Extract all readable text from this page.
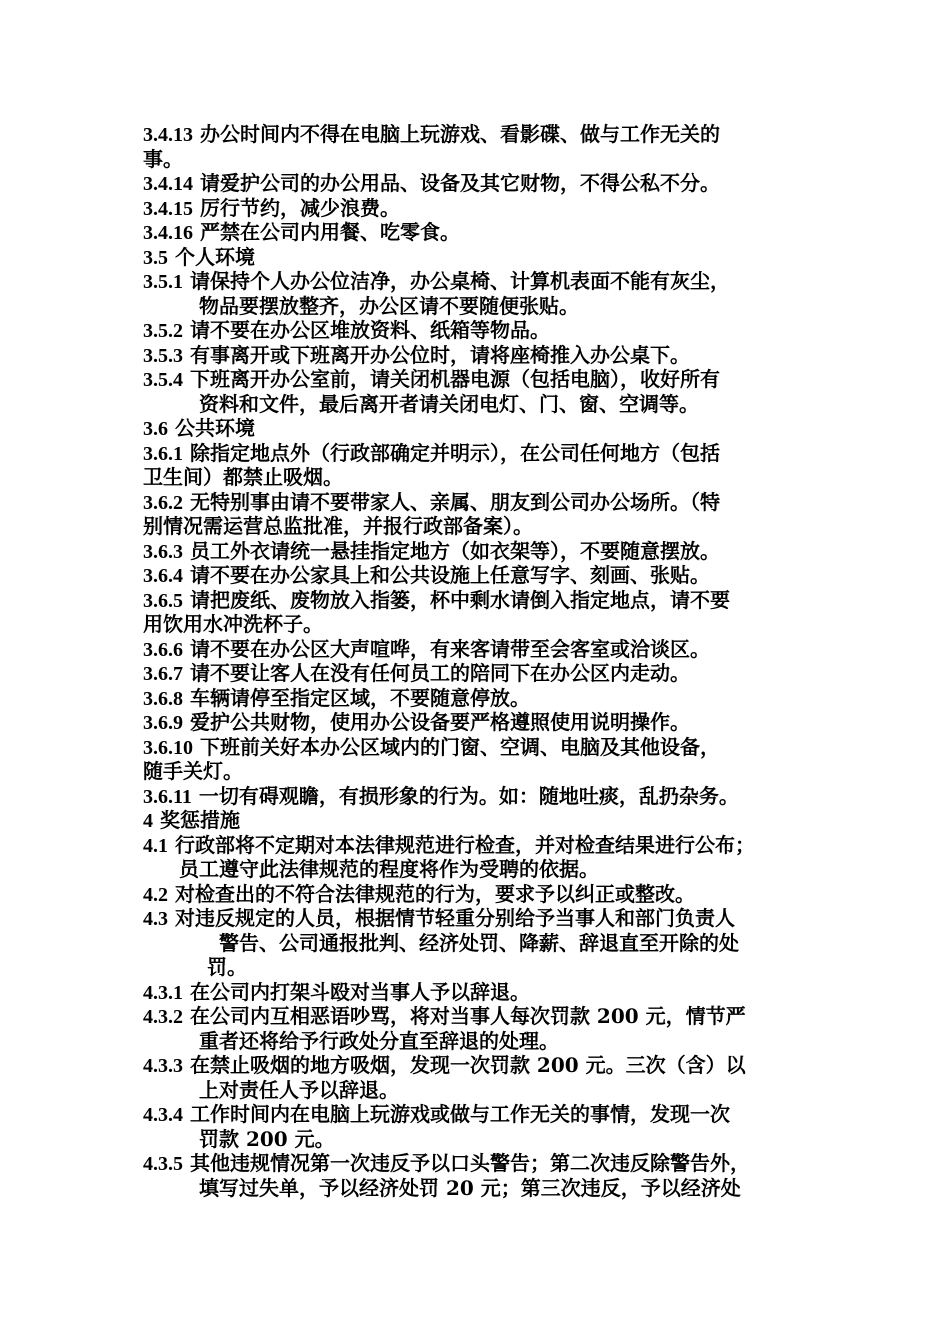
3.4.13 办公时间内不得在电脑上玩游戏、看影碟、做与工作无关的
事。
3.4.14 请爱护公司的办公用品、设备及其它财物，不得公私不分。
3.4.15 厉行节约，减少浪费。
3.4.16 严禁在公司内用餐、吃零食。
3.5 个人环境
3.5.1 请保持个人办公位洁净，办公桌椅、计算机表面不能有灰尘，
物品要摆放整齐，办公区请不要随便张贴。
3.5.2 请不要在办公区堆放资料、纸箱等物品。
3.5.3 有事离开或下班离开办公位时，请将座椅推入办公桌下。
3.5.4 下班离开办公室前，请关闭机器电源（包括电脑），收好所有
资料和文件，最后离开者请关闭电灯、门、窗、空调等。
3.6 公共环境
3.6.1 除指定地点外（行政部确定并明示），在公司任何地方（包括
卫生间）都禁止吸烟。
3.6.2 无特别事由请不要带家人、亲属、朋友到公司办公场所。（特
别情况需运营总监批准，并报行政部备案）。
3.6.3 员工外衣请统一悬挂指定地方（如衣架等），不要随意摆放。
3.6.4 请不要在办公家具上和公共设施上任意写字、刻画、张贴。
3.6.5 请把废纸、废物放入指篓，杯中剩水请倒入指定地点，请不要
用饮用水冲洗杯子。
3.6.6 请不要在办公区大声喧哗，有来客请带至会客室或洽谈区。
3.6.7 请不要让客人在没有任何员工的陪同下在办公区内走动。
3.6.8 车辆请停至指定区域，不要随意停放。
3.6.9 爱护公共财物，使用办公设备要严格遵照使用说明操作。
3.6.10 下班前关好本办公区域内的门窗、空调、电脑及其他设备，
随手关灯。
3.6.11 一切有碍观瞻，有损形象的行为。如：随地吐痰，乱扔杂务。
4 奖惩措施
4.1 行政部将不定期对本法律规范进行检查，并对检查结果进行公布；
员工遵守此法律规范的程度将作为受聘的依据。
4.2 对检查出的不符合法律规范的行为，要求予以纠正或整改。
4.3 对违反规定的人员，根据情节轻重分别给予当事人和部门负责人
警告、公司通报批判、经济处罚、降薪、辞退直至开除的处
罚。
4.3.1 在公司内打架斗殴对当事人予以辞退。
4.3.2 在公司内互相恶语吵骂，将对当事人每次罚款 200 元，情节严
重者还将给予行政处分直至辞退的处理。
4.3.3 在禁止吸烟的地方吸烟，发现一次罚款 200 元。三次（含）以
上对责任人予以辞退。
4.3.4 工作时间内在电脑上玩游戏或做与工作无关的事情，发现一次
罚款 200 元。
4.3.5 其他违规情况第一次违反予以口头警告；第二次违反除警告外，
填写过失单，予以经济处罚 20 元；第三次违反，予以经济处
